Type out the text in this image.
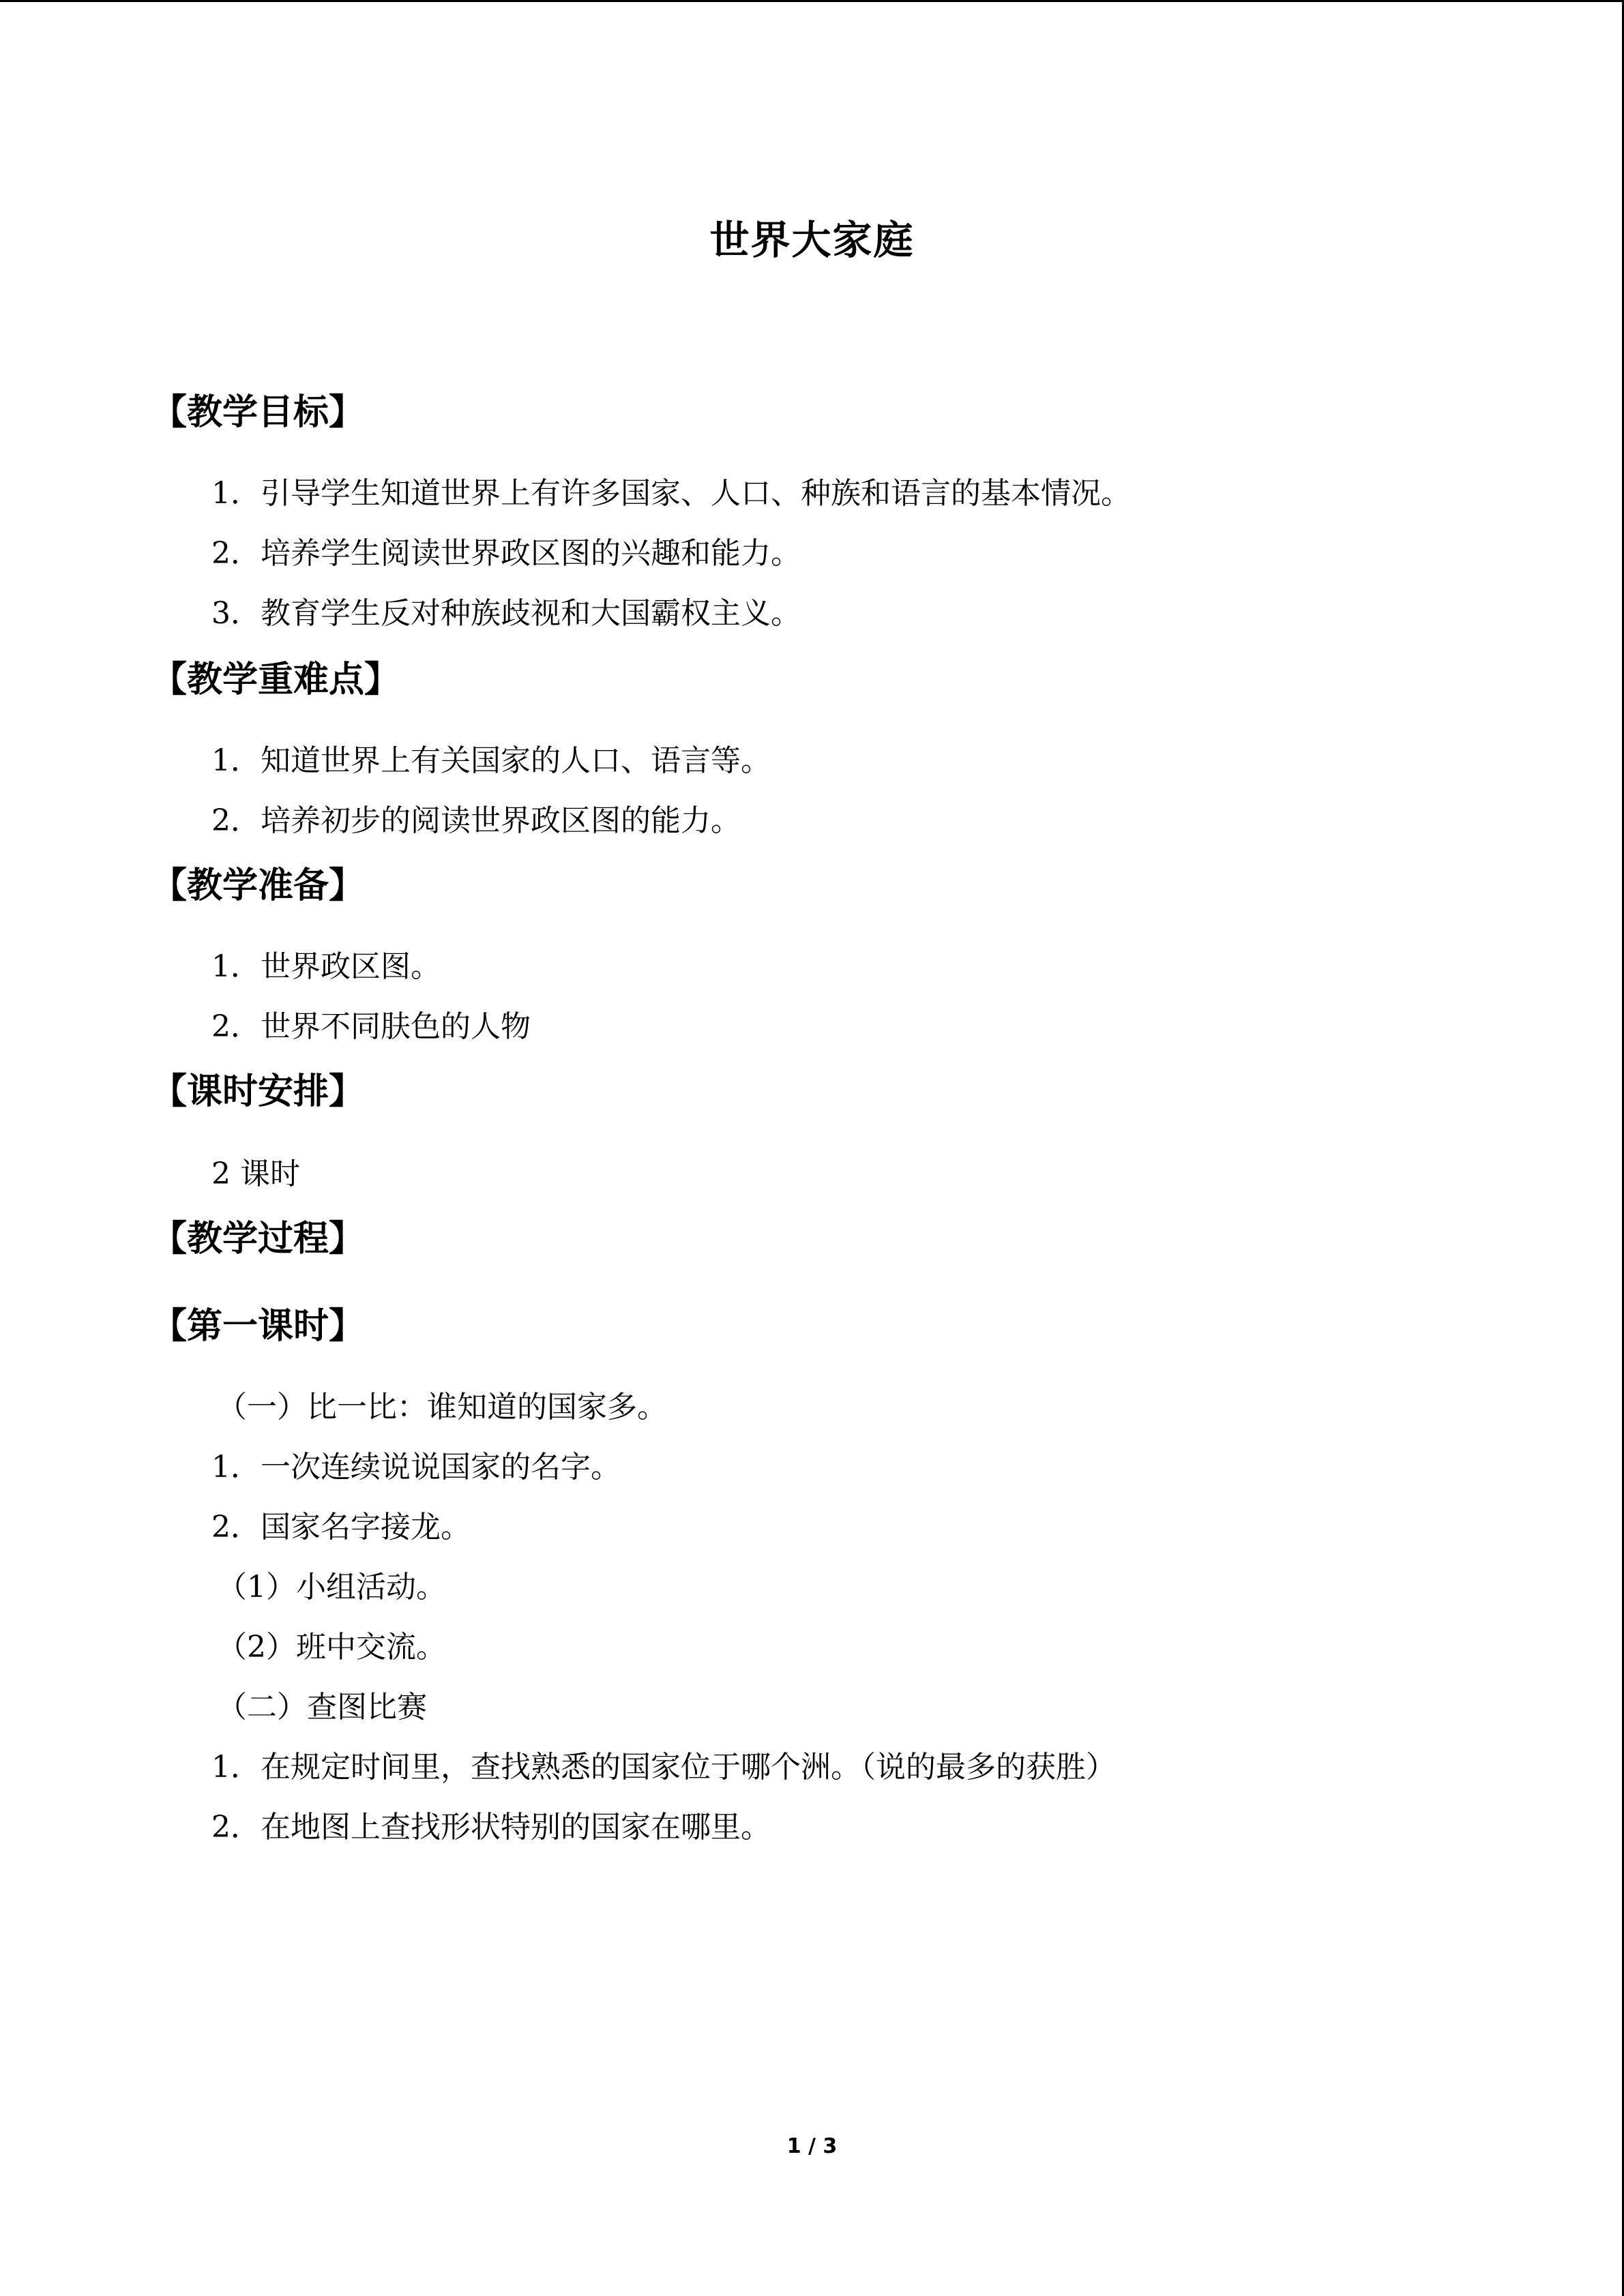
世界大家庭
【教学目标】
1．引导学生知道世界上有许多国家、人口、种族和语言的基本情况。
2．培养学生阅读世界政区图的兴趣和能力。
3．教育学生反对种族歧视和大国霸权主义。
【教学重难点】
1．知道世界上有关国家的人口、语言等。
2．培养初步的阅读世界政区图的能力。
【教学准备】
1．世界政区图。
2．世界不同肤色的人物
【课时安排】
2 课时
【教学过程】
【第一课时】
（一）比一比：谁知道的国家多。
1．一次连续说说国家的名字。
2．国家名字接龙。
（1）小组活动。
（2）班中交流。
（二）查图比赛
1．在规定时间里，查找熟悉的国家位于哪个洲。（说的最多的获胜）
2．在地图上查找形状特别的国家在哪里。
1 / 3
